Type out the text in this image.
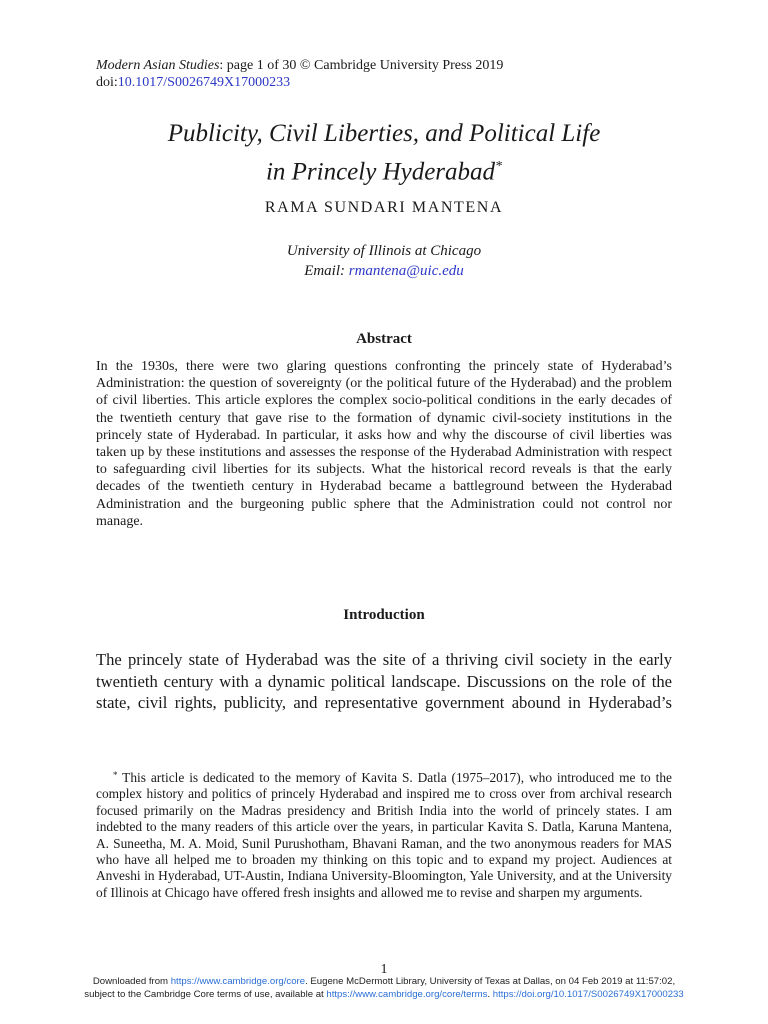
Modern Asian Studies: page 1 of 30 © Cambridge University Press 2019
doi:10.1017/S0026749X17000233
Publicity, Civil Liberties, and Political Life
in Princely Hyderabad*
RAMA SUNDARI MANTENA
University of Illinois at Chicago
Email: rmantena@uic.edu
Abstract
In the 1930s, there were two glaring questions confronting the princely state of Hyderabad’s Administration: the question of sovereignty (or the political future of the Hyderabad) and the problem of civil liberties. This article explores the complex socio-political conditions in the early decades of the twentieth century that gave rise to the formation of dynamic civil-society institutions in the princely state of Hyderabad. In particular, it asks how and why the discourse of civil liberties was taken up by these institutions and assesses the response of the Hyderabad Administration with respect to safeguarding civil liberties for its subjects. What the historical record reveals is that the early decades of the twentieth century in Hyderabad became a battleground between the Hyderabad Administration and the burgeoning public sphere that the Administration could not control nor manage.
Introduction
The princely state of Hyderabad was the site of a thriving civil society in the early twentieth century with a dynamic political landscape. Discussions on the role of the state, civil rights, publicity, and representative government abound in Hyderabad’s
* This article is dedicated to the memory of Kavita S. Datla (1975–2017), who introduced me to the complex history and politics of princely Hyderabad and inspired me to cross over from archival research focused primarily on the Madras presidency and British India into the world of princely states. I am indebted to the many readers of this article over the years, in particular Kavita S. Datla, Karuna Mantena, A. Suneetha, M. A. Moid, Sunil Purushotham, Bhavani Raman, and the two anonymous readers for MAS who have all helped me to broaden my thinking on this topic and to expand my project. Audiences at Anveshi in Hyderabad, UT-Austin, Indiana University-Bloomington, Yale University, and at the University of Illinois at Chicago have offered fresh insights and allowed me to revise and sharpen my arguments.
1
Downloaded from https://www.cambridge.org/core. Eugene McDermott Library, University of Texas at Dallas, on 04 Feb 2019 at 11:57:02,
subject to the Cambridge Core terms of use, available at https://www.cambridge.org/core/terms. https://doi.org/10.1017/S0026749X17000233
